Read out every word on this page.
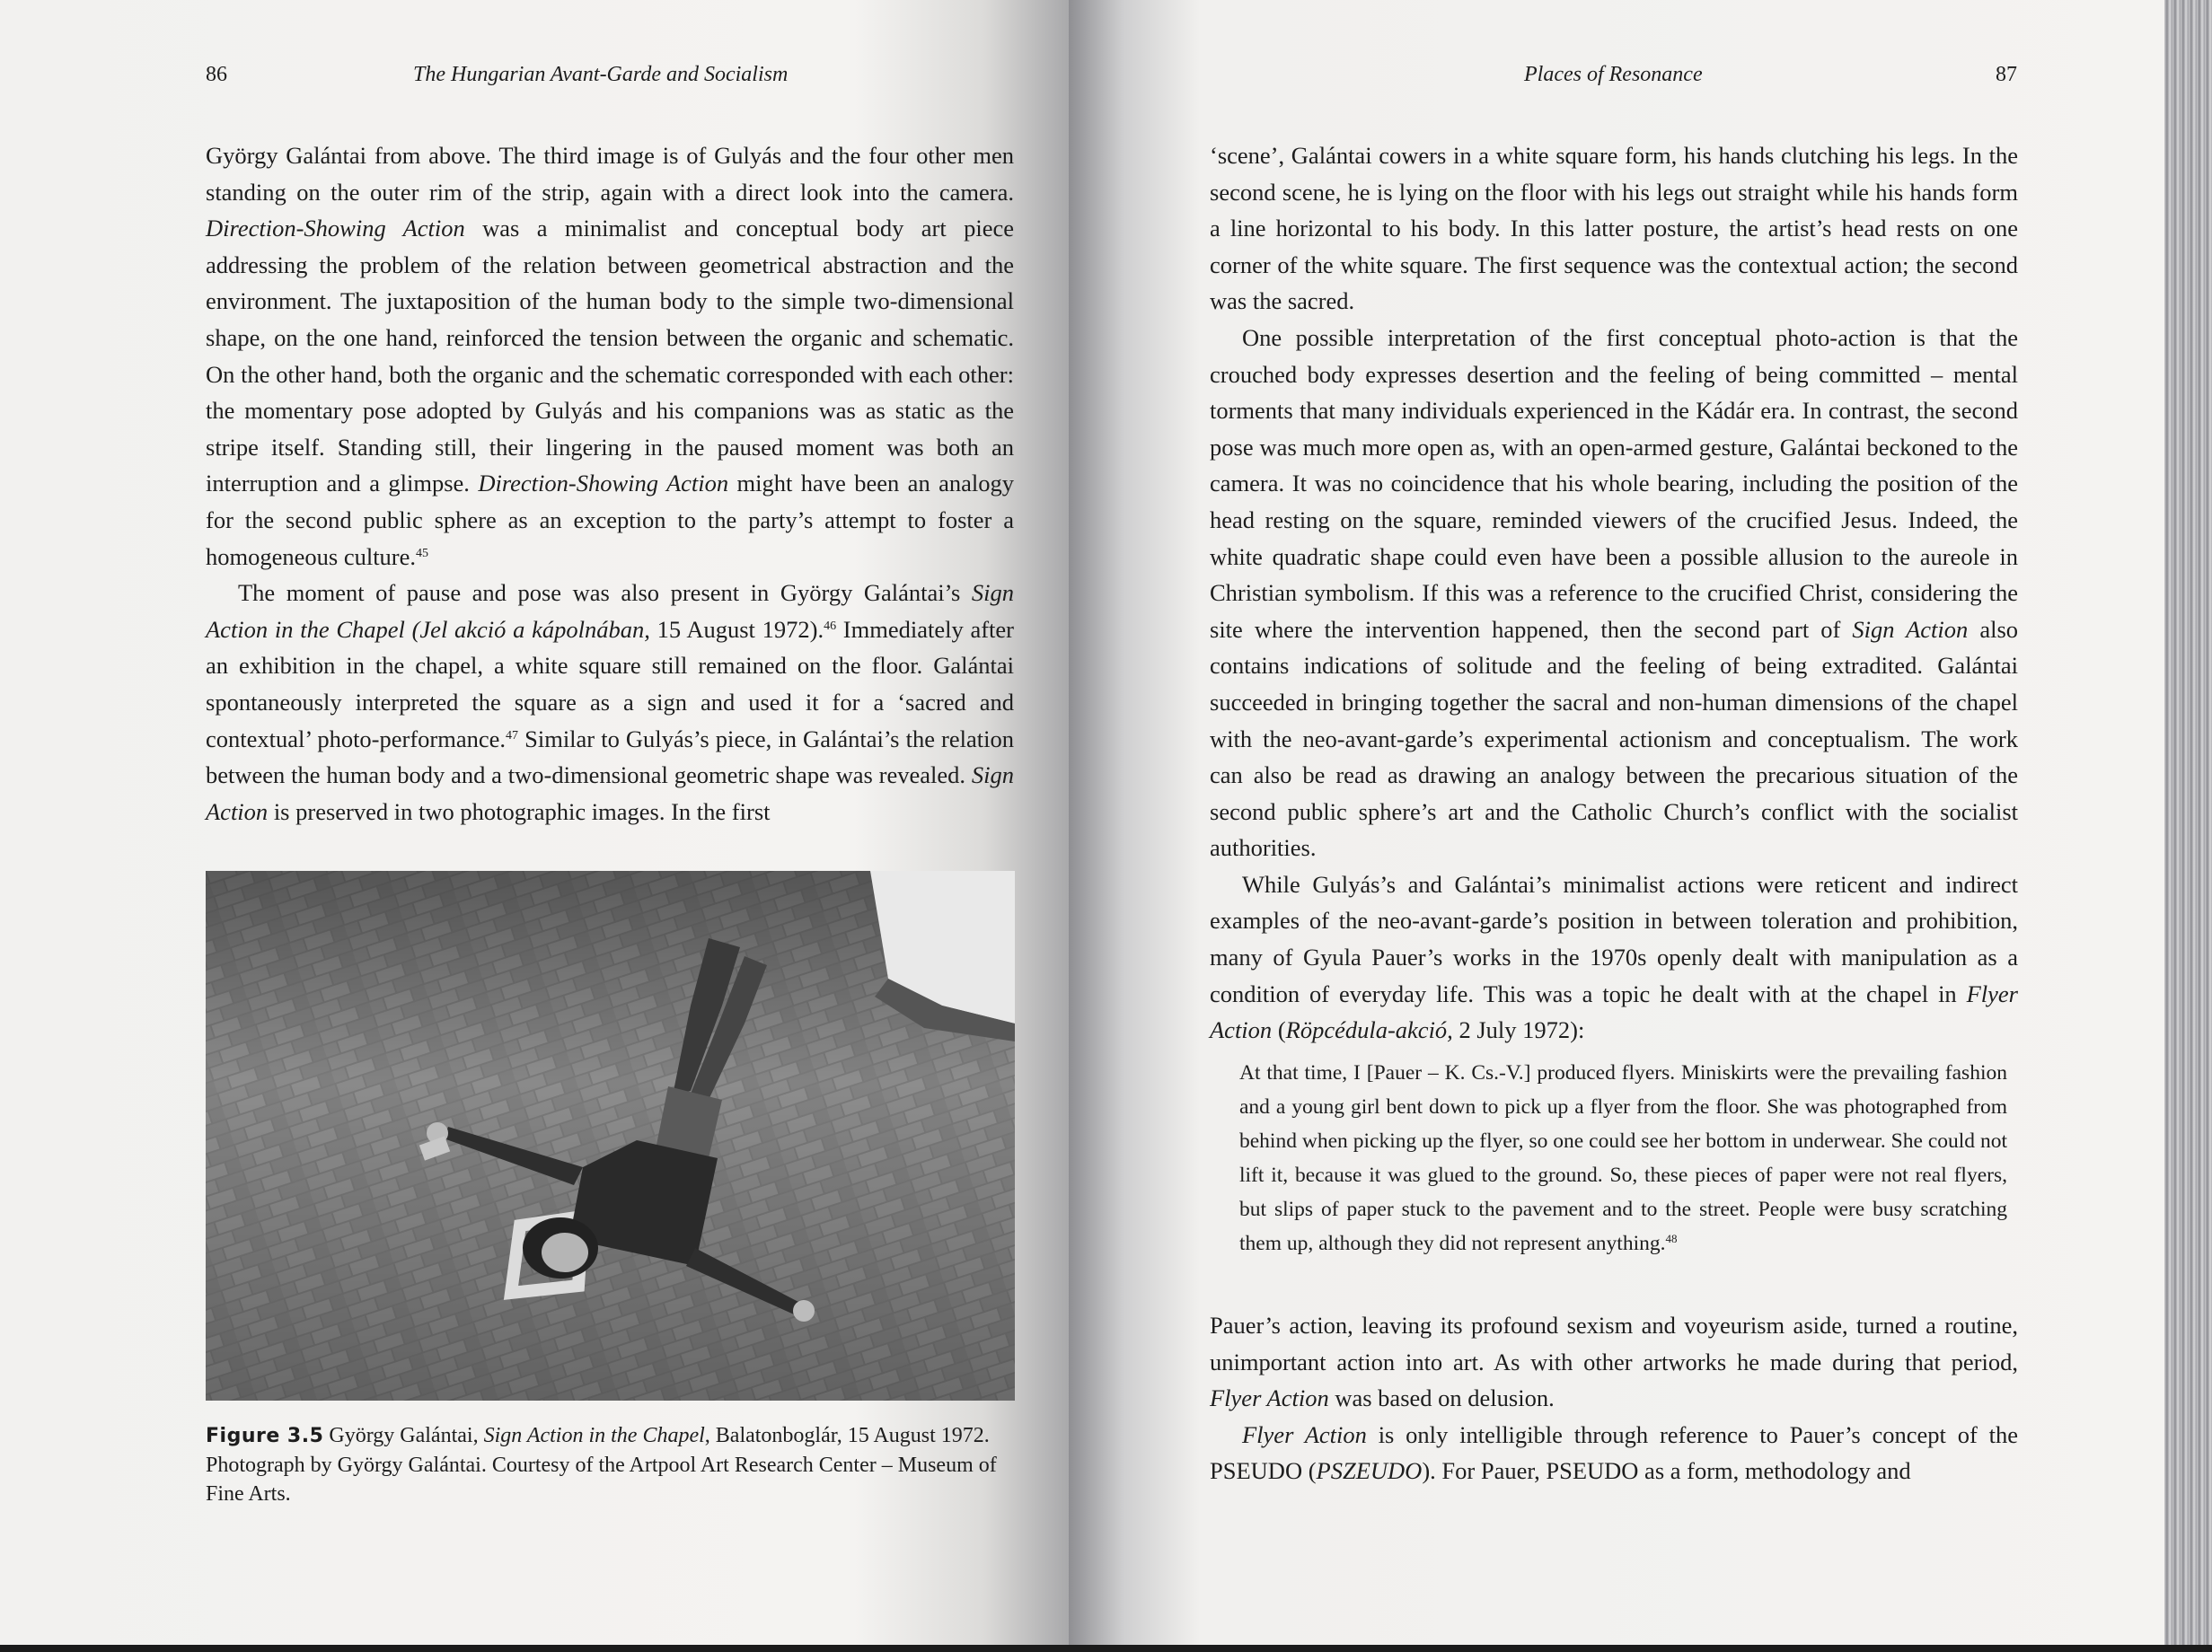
86	The Hungarian Avant-Garde and Socialism

György Galántai from above. The third image is of Gulyás and the four other men standing on the outer rim of the strip, again with a direct look into the camera. Direction-Showing Action was a minimalist and conceptual body art piece addressing the problem of the relation between geometrical abstraction and the environment. The juxtaposition of the human body to the simple two-dimensional shape, on the one hand, reinforced the tension between the organic and schematic. On the other hand, both the organic and the schematic corresponded with each other: the momentary pose adopted by Gulyás and his companions was as static as the stripe itself. Standing still, their lingering in the paused moment was both an interruption and a glimpse. Direction-Showing Action might have been an analogy for the second public sphere as an exception to the party’s attempt to foster a homogeneous culture.$^{45}$

The moment of pause and pose was also present in György Galántai’s Sign Action in the Chapel (Jel akció a kápolnában, 15 August 1972).$^{46}$ Immediately after an exhibition in the chapel, a white square still remained on the floor. Galántai spontaneously interpreted the square as a sign and used it for a ‘sacred and contextual’ photo-performance.$^{47}$ Similar to Gulyás’s piece, in Galántai’s the relation between the human body and a two-dimensional geometric shape was revealed. Sign Action is preserved in two photographic images. In the first

Figure 3.5 György Galántai, Sign Action in the Chapel, Balatonboglár, 15 August 1972. Photograph by György Galántai. Courtesy of the Artpool Art Research Center – Museum of Fine Arts.
Places of Resonance	87

‘scene’, Galántai cowers in a white square form, his hands clutching his legs. In the second scene, he is lying on the floor with his legs out straight while his hands form a line horizontal to his body. In this latter posture, the artist’s head rests on one corner of the white square. The first sequence was the contextual action; the second was the sacred.

One possible interpretation of the first conceptual photo-action is that the crouched body expresses desertion and the feeling of being committed – mental torments that many individuals experienced in the Kádár era. In contrast, the second pose was much more open as, with an open-armed gesture, Galántai beckoned to the camera. It was no coincidence that his whole bearing, including the position of the head resting on the square, reminded viewers of the crucified Jesus. Indeed, the white quadratic shape could even have been a possible allusion to the aureole in Christian symbolism. If this was a reference to the crucified Christ, considering the site where the intervention happened, then the second part of Sign Action also contains indications of solitude and the feeling of being extradited. Galántai succeeded in bringing together the sacral and non-human dimensions of the chapel with the neo-avant-garde’s experimental actionism and conceptualism. The work can also be read as drawing an analogy between the precarious situation of the second public sphere’s art and the Catholic Church’s conflict with the socialist authorities.

While Gulyás’s and Galántai’s minimalist actions were reticent and indirect examples of the neo-avant-garde’s position in between toleration and prohibition, many of Gyula Pauer’s works in the 1970s openly dealt with manipulation as a condition of everyday life. This was a topic he dealt with at the chapel in Flyer Action (Röpcédula-akció, 2 July 1972):

At that time, I [Pauer – K. Cs.-V.] produced flyers. Miniskirts were the prevailing fashion and a young girl bent down to pick up a flyer from the floor. She was photographed from behind when picking up the flyer, so one could see her bottom in underwear. She could not lift it, because it was glued to the ground. So, these pieces of paper were not real flyers, but slips of paper stuck to the pavement and to the street. People were busy scratching them up, although they did not represent anything.$^{48}$

Pauer’s action, leaving its profound sexism and voyeurism aside, turned a routine, unimportant action into art. As with other artworks he made during that period, Flyer Action was based on delusion.

Flyer Action is only intelligible through reference to Pauer’s concept of the PSEUDO (PSZEUDO). For Pauer, PSEUDO as a form, methodology and
